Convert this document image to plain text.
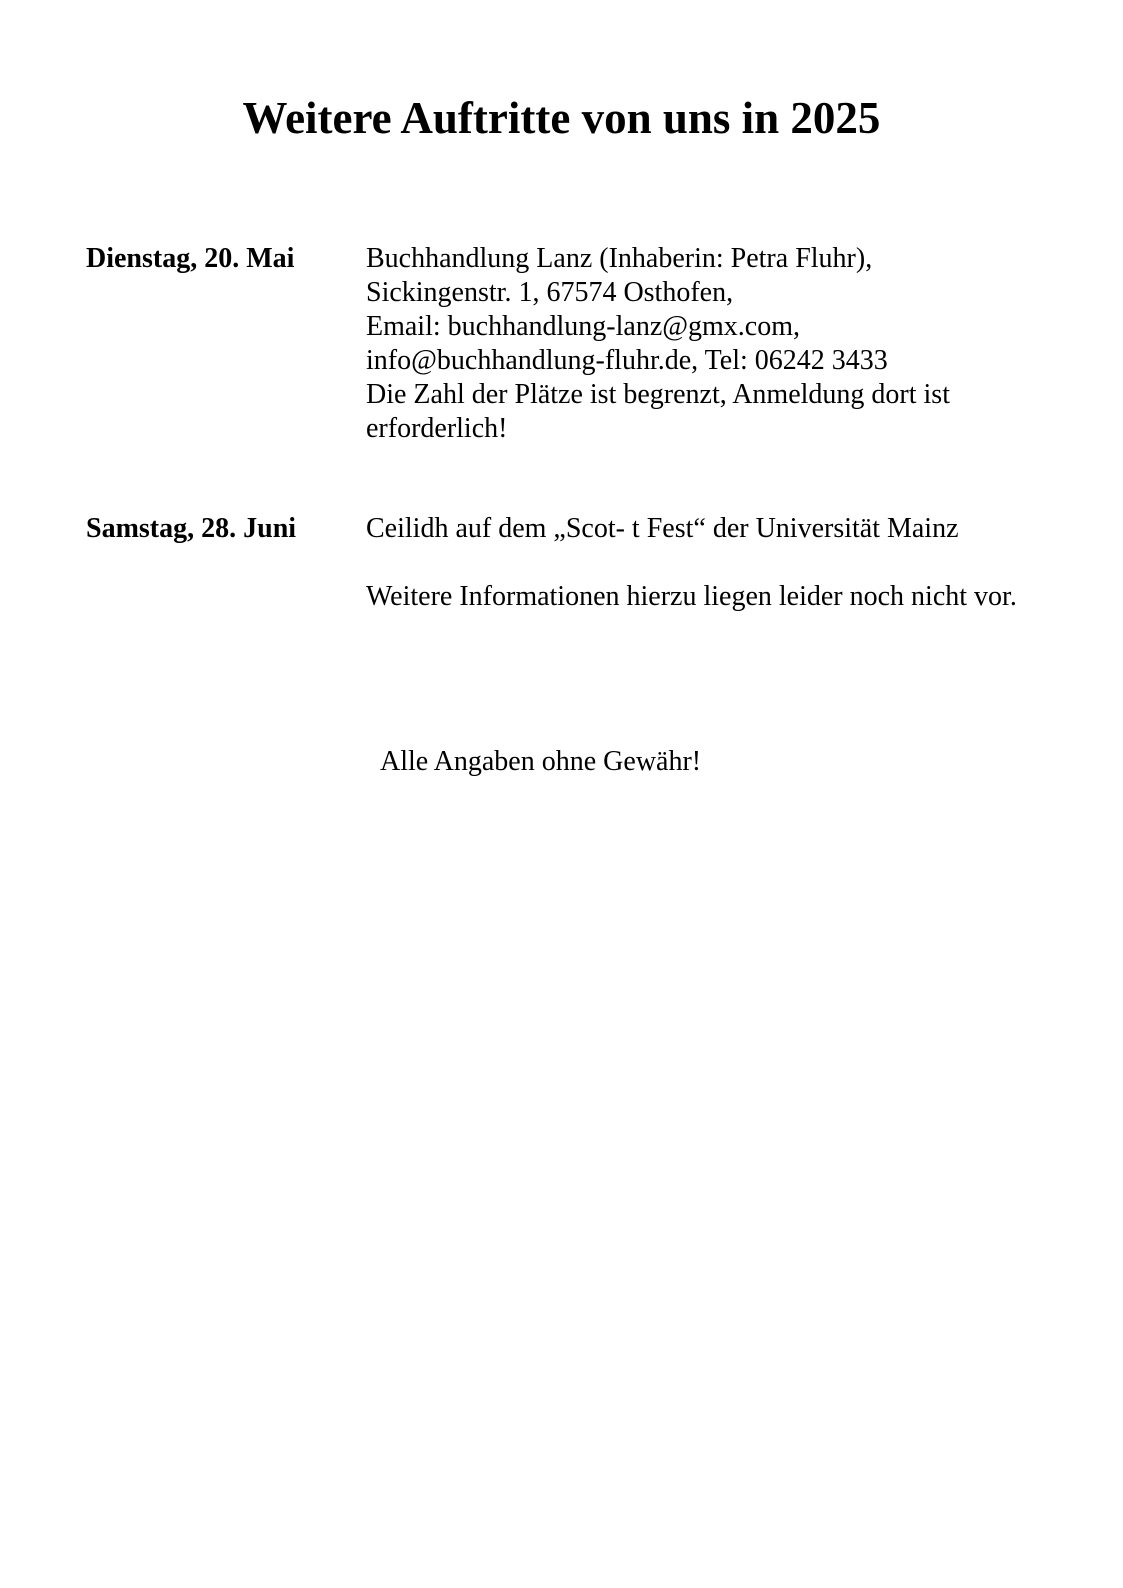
Weitere Auftritte von uns in 2025
Dienstag, 20. Mai	Buchhandlung Lanz (Inhaberin: Petra Fluhr),
Sickingenstr. 1, 67574 Osthofen,
Email: buchhandlung-lanz@gmx.com,
info@buchhandlung-fluhr.de, Tel: 06242 3433
Die Zahl der Plätze ist begrenzt, Anmeldung dort ist erforderlich!
Samstag, 28. Juni	Ceilidh auf dem „Scot- t Fest“ der Universität Mainz
Weitere Informationen hierzu liegen leider noch nicht vor.
Alle Angaben ohne Gewähr!
